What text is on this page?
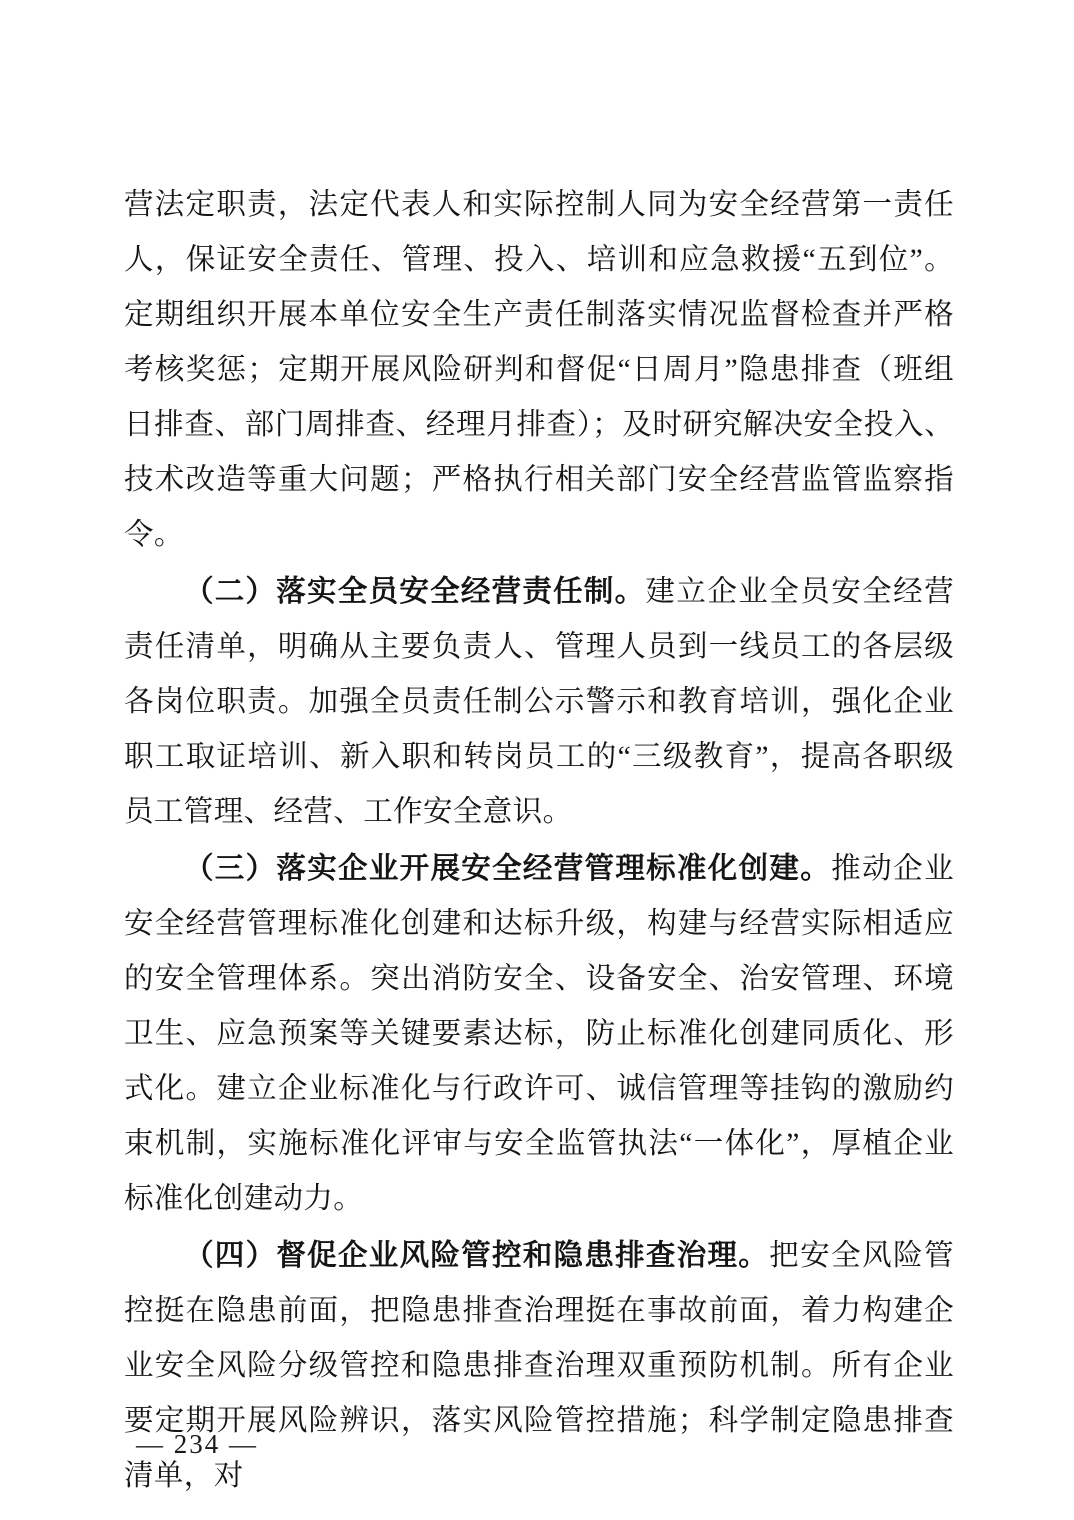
营法定职责，法定代表人和实际控制人同为安全经营第一责任人，保证安全责任、管理、投入、培训和应急救援“五到位”。定期组织开展本单位安全生产责任制落实情况监督检查并严格考核奖惩；定期开展风险研判和督促“日周月”隐患排查（班组日排查、部门周排查、经理月排查）；及时研究解决安全投入、技术改造等重大问题；严格执行相关部门安全经营监管监察指令。

（二）落实全员安全经营责任制。建立企业全员安全经营责任清单，明确从主要负责人、管理人员到一线员工的各层级各岗位职责。加强全员责任制公示警示和教育培训，强化企业职工取证培训、新入职和转岗员工的“三级教育”，提高各职级员工管理、经营、工作安全意识。

（三）落实企业开展安全经营管理标准化创建。推动企业安全经营管理标准化创建和达标升级，构建与经营实际相适应的安全管理体系。突出消防安全、设备安全、治安管理、环境卫生、应急预案等关键要素达标，防止标准化创建同质化、形式化。建立企业标准化与行政许可、诚信管理等挂钩的激励约束机制，实施标准化评审与安全监管执法“一体化”，厚植企业标准化创建动力。

（四）督促企业风险管控和隐患排查治理。把安全风险管控挺在隐患前面，把隐患排查治理挺在事故前面，着力构建企业安全风险分级管控和隐患排查治理双重预防机制。所有企业要定期开展风险辨识，落实风险管控措施；科学制定隐患排查清单，对

— 234 —
